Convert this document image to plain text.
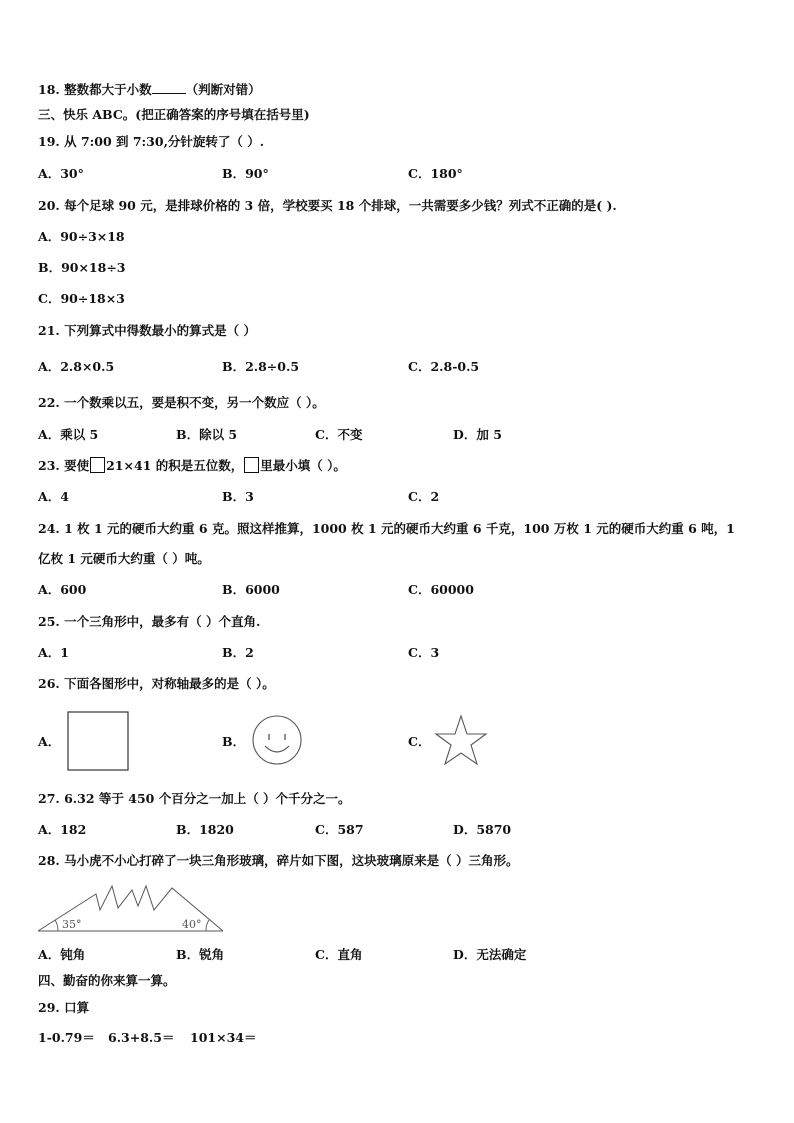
18. 整数都大于小数	（判断对错）
三、快乐 ABC。(把正确答案的序号填在括号里)
19. 从 7:00 到 7:30,分针旋转了（ ）.
A．30°	B．90°	C．180°
20. 每个足球 90 元，是排球价格的 3 倍，学校要买 18 个排球，一共需要多少钱？列式不正确的是( ).
A．90÷3×18
B．90×18÷3
C．90÷18×3
21. 下列算式中得数最小的算式是（ ）
A．2.8×0.5	B．2.8÷0.5	C．2.8-0.5
22. 一个数乘以五，要是积不变，另一个数应（ ）。
A．乘以 5	B．除以 5	C．不变	D．加 5
23. 要使 21×41 的积是五位数， 里最小填（ ）。
A．4	B．3	C．2
24. 1 枚 1 元的硬币大约重 6 克。照这样推算，1000 枚 1 元的硬币大约重 6 千克，100 万枚 1 元的硬币大约重 6 吨，1
亿枚 1 元硬币大约重（ ）吨。
A．600	B．6000	C．60000
25. 一个三角形中，最多有（ ）个直角.
A．1	B．2	C．3
26. 下面各图形中，对称轴最多的是（ ）。
A．	B．	C．
27. 6.32 等于 450 个百分之一加上（ ）个千分之一。
A．182	B．1820	C．587	D．5870
28. 马小虎不小心打碎了一块三角形玻璃，碎片如下图，这块玻璃原来是（ ）三角形。
35°	40°
A．钝角	B．锐角	C．直角	D．无法确定
四、勤奋的你来算一算。
29. 口算
1-0.79＝ 6.3+8.5＝ 101×34＝
